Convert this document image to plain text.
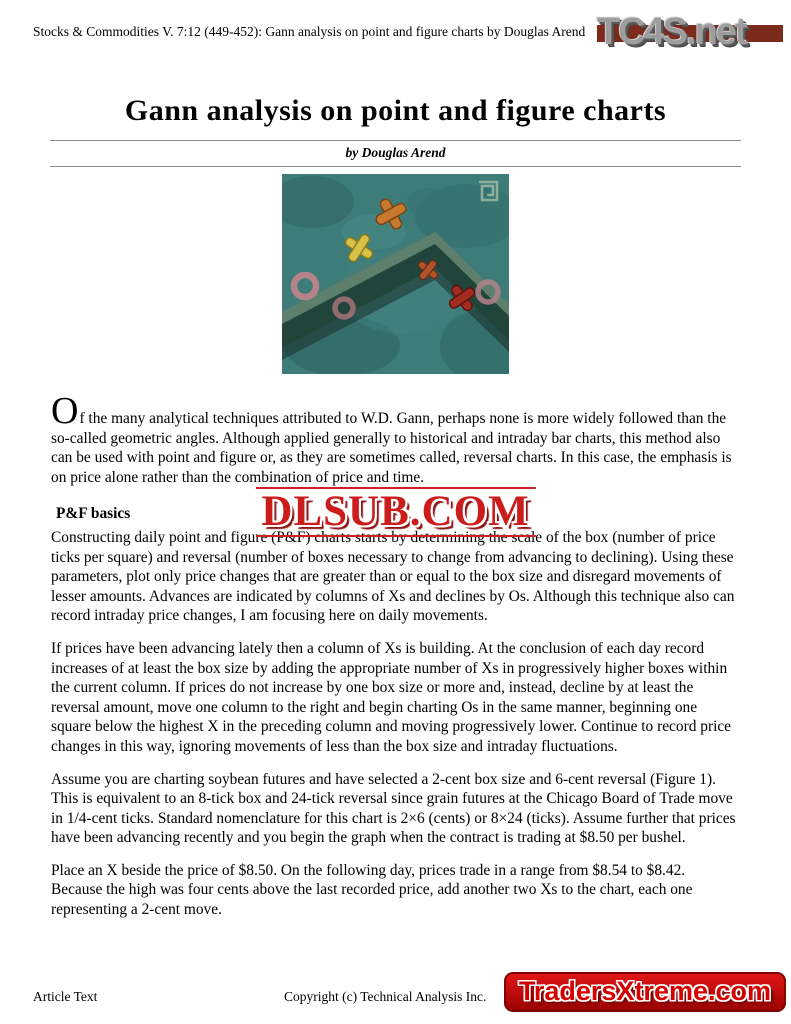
Stocks & Commodities V. 7:12 (449-452): Gann analysis on point and figure charts by Douglas Arend TC4S.net
Gann analysis on point and figure charts
by Douglas Arend

Of the many analytical techniques attributed to W.D. Gann, perhaps none is more widely followed than the so-called geometric angles. Although applied generally to historical and intraday bar charts, this method also can be used with point and figure or, as they are sometimes called, reversal charts. In this case, the emphasis is on price alone rather than the combination of price and time.

P&F basics	DLSUB.COM

Constructing daily point and figure (P&F) charts starts by determining the scale of the box (number of price ticks per square) and reversal (number of boxes necessary to change from advancing to declining). Using these parameters, plot only price changes that are greater than or equal to the box size and disregard movements of lesser amounts. Advances are indicated by columns of Xs and declines by Os. Although this technique also can record intraday price changes, I am focusing here on daily movements.

If prices have been advancing lately then a column of Xs is building. At the conclusion of each day record increases of at least the box size by adding the appropriate number of Xs in progressively higher boxes within the current column. If prices do not increase by one box size or more and, instead, decline by at least the reversal amount, move one column to the right and begin charting Os in the same manner, beginning one square below the highest X in the preceding column and moving progressively lower. Continue to record price changes in this way, ignoring movements of less than the box size and intraday fluctuations.

Assume you are charting soybean futures and have selected a 2-cent box size and 6-cent reversal (Figure 1). This is equivalent to an 8-tick box and 24-tick reversal since grain futures at the Chicago Board of Trade move in 1/4-cent ticks. Standard nomenclature for this chart is 2×6 (cents) or 8×24 (ticks). Assume further that prices have been advancing recently and you begin the graph when the contract is trading at $8.50 per bushel.

Place an X beside the price of $8.50. On the following day, prices trade in a range from $8.54 to $8.42. Because the high was four cents above the last recorded price, add another two Xs to the chart, each one representing a 2-cent move.

Article Text	Copyright (c) Technical Analysis Inc.	TradersXtreme.com
